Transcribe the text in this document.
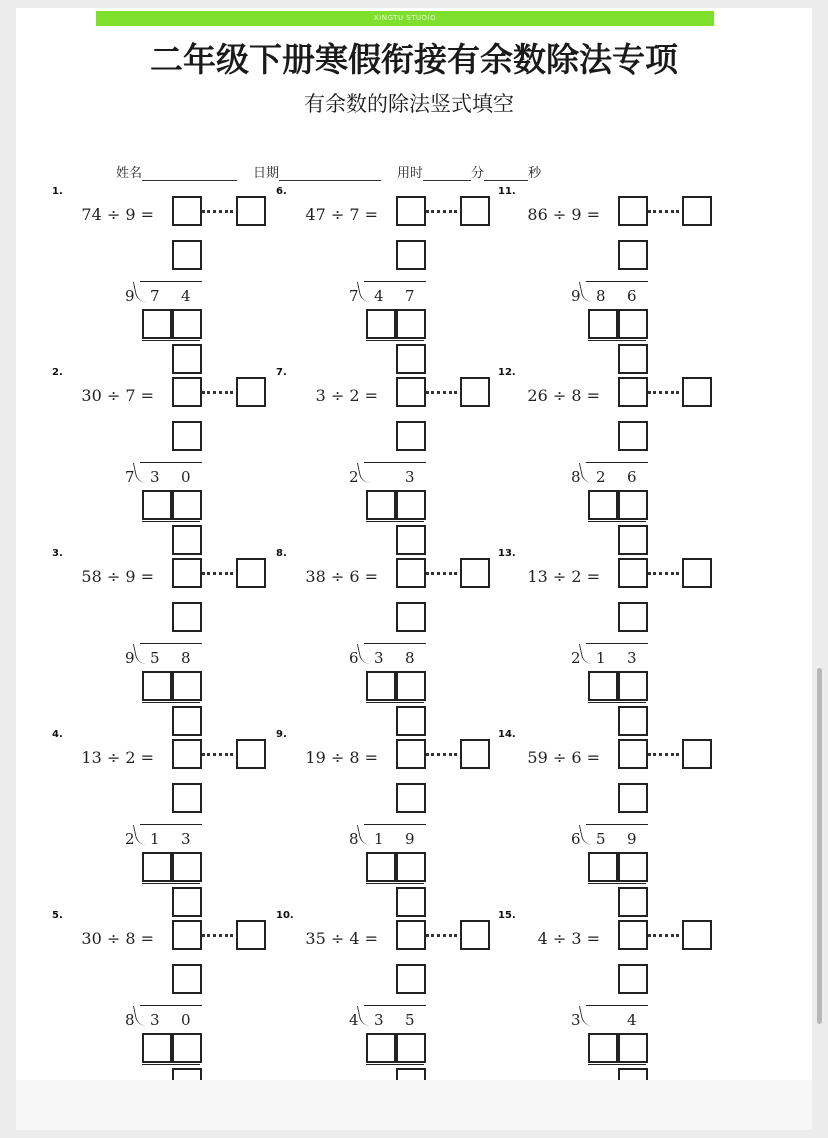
XINGTU STUDIO
二年级下册寒假衔接有余数除法专项
有余数的除法竖式填空
姓名	日期	用时	分	秒
1.
74 ÷ 9 =
9 7 4
2.
30 ÷ 7 =
7 3 0
3.
58 ÷ 9 =
9 5 8
4.
13 ÷ 2 =
2 1 3
5.
30 ÷ 8 =
8 3 0
6.
47 ÷ 7 =
7 4 7
7.
3 ÷ 2 =
2	3
8.
38 ÷ 6 =
6 3 8
9.
19 ÷ 8 =
8 1 9
10.
35 ÷ 4 =
4 3 5
11.
86 ÷ 9 =
9 8 6
12.
26 ÷ 8 =
8 2 6
13.
13 ÷ 2 =
2 1 3
14.
59 ÷ 6 =
6 5 9
15.
4 ÷ 3 =
3	4
